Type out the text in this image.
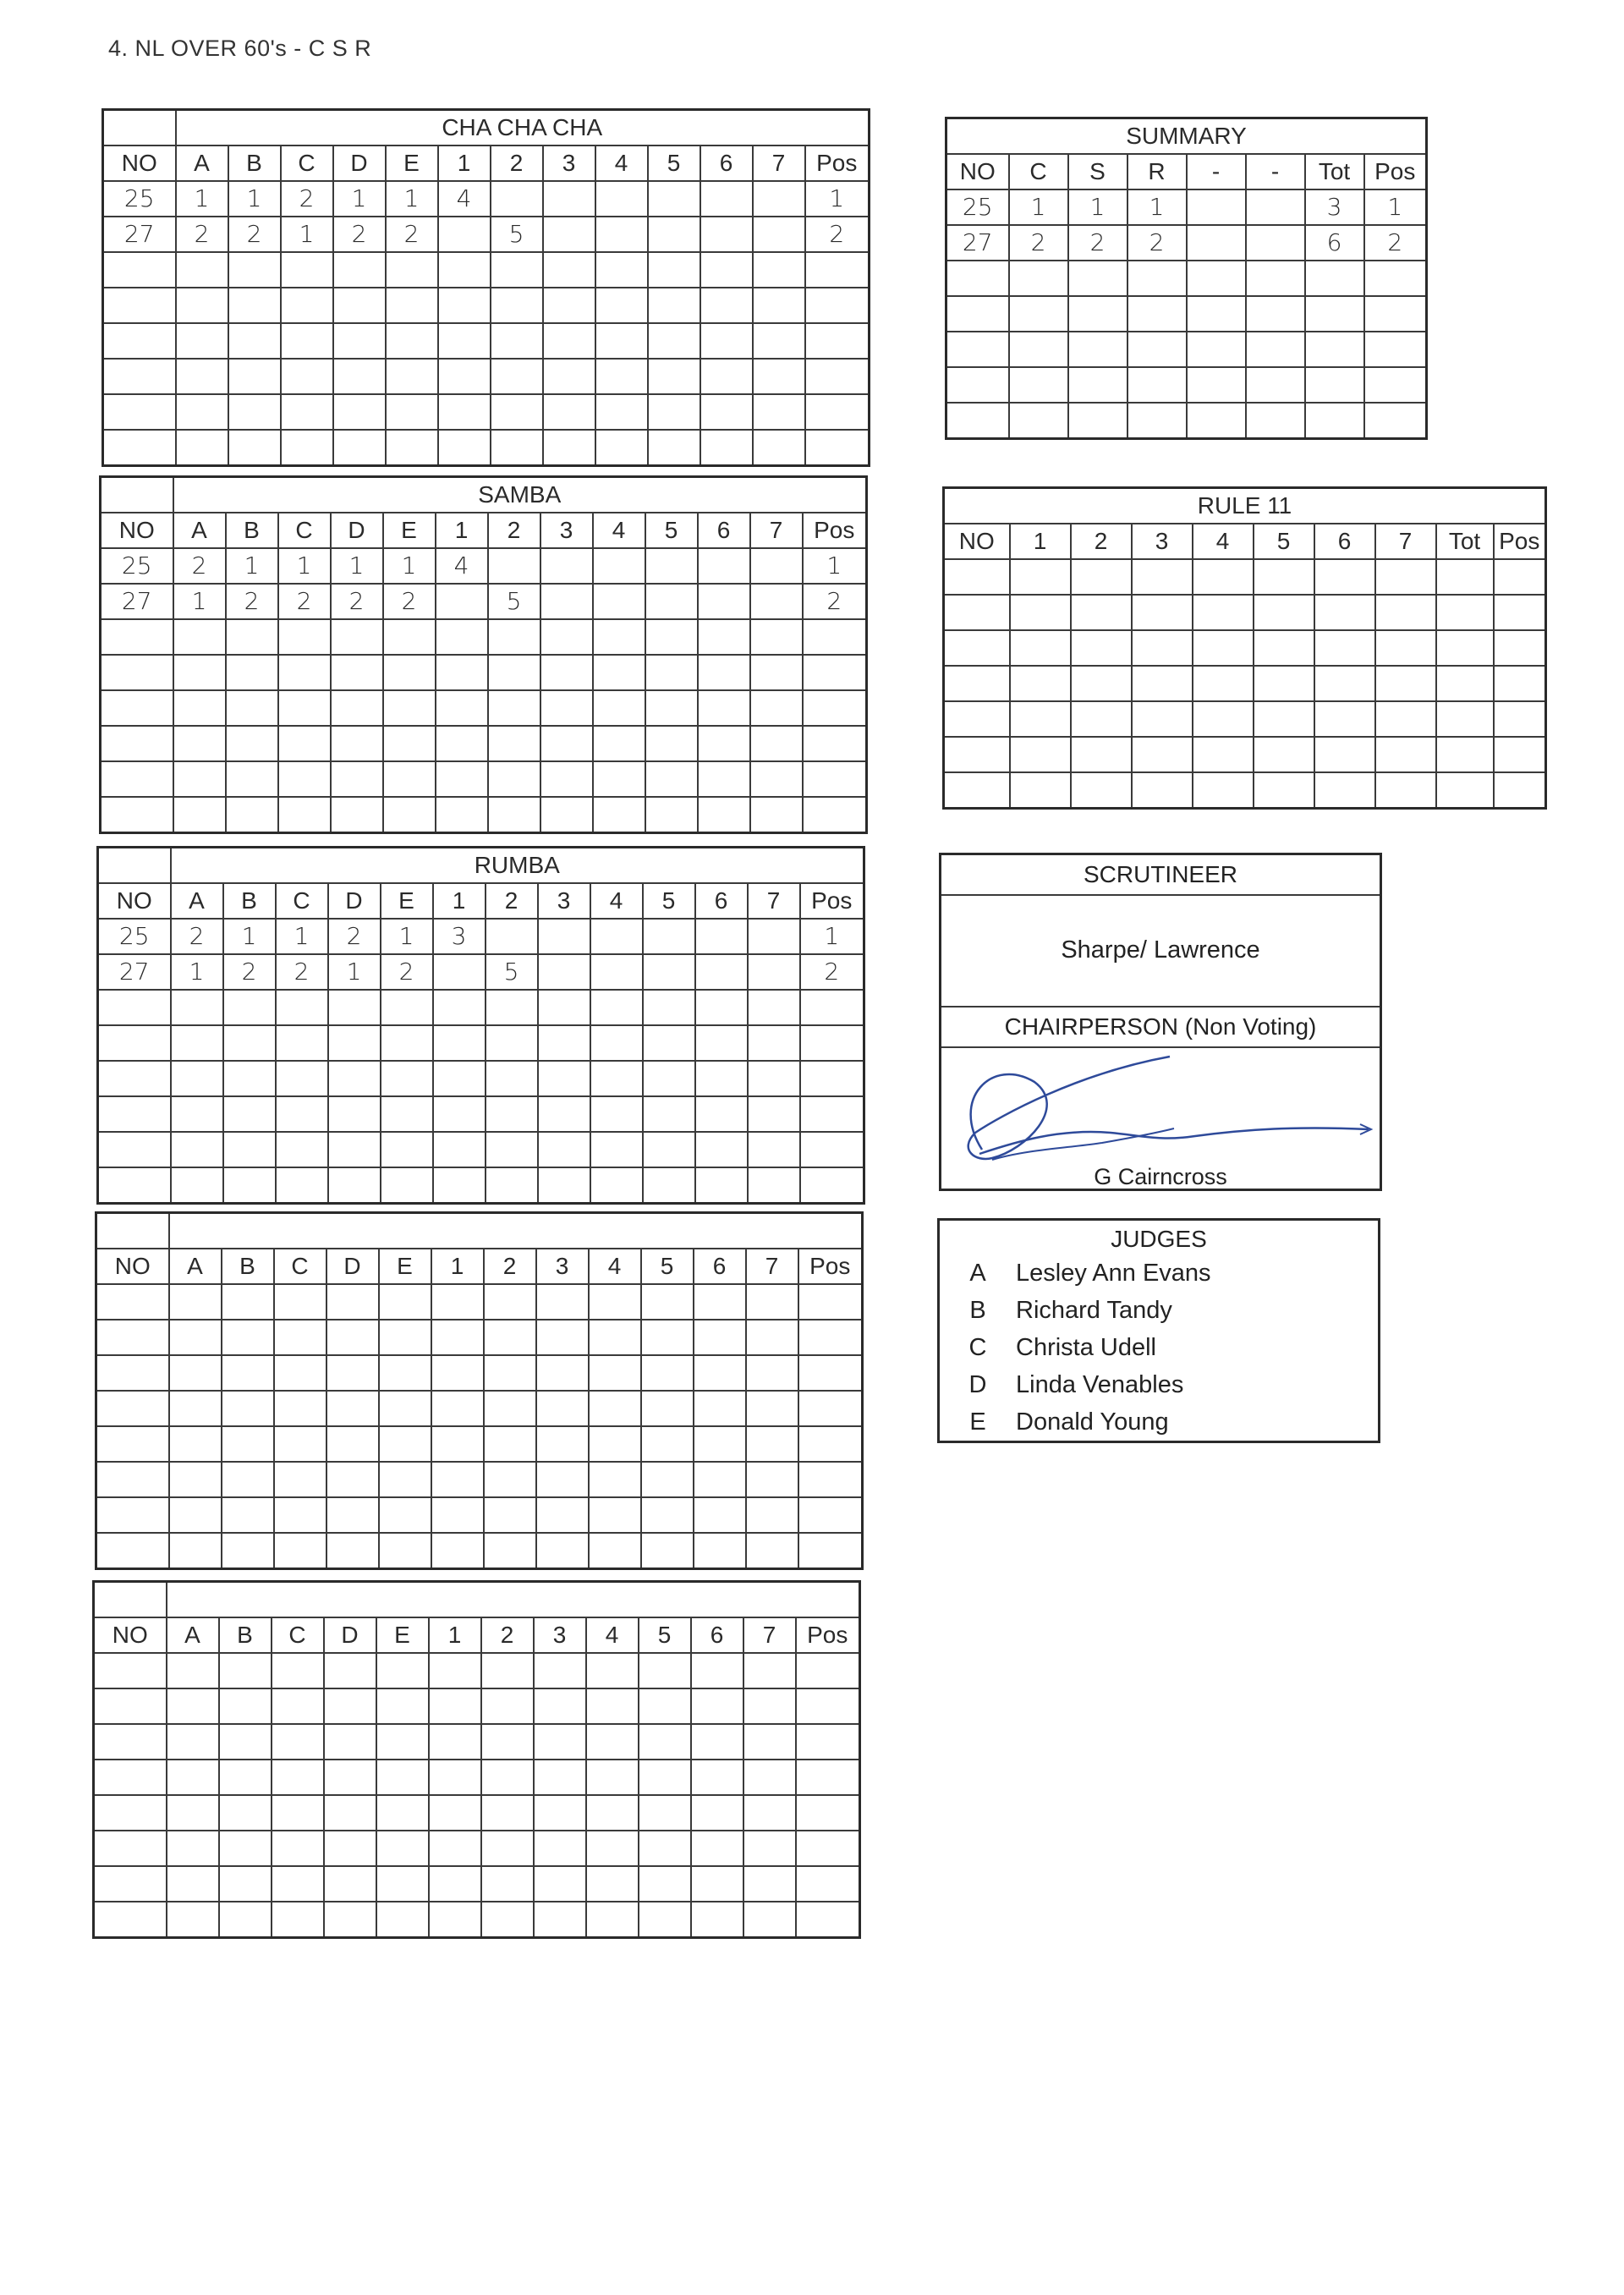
4. NL OVER 60's - C S R
	CHA CHA CHA												
NO	A	B	C	D	E	1	2	3	4	5	6	7	Pos
25	1	1	2	1	1	4							1
27	2	2	1	2	2		5						2

	SAMBA												
NO	A	B	C	D	E	1	2	3	4	5	6	7	Pos
25	2	1	1	1	1	4							1
27	1	2	2	2	2		5						2

	RUMBA												
NO	A	B	C	D	E	1	2	3	4	5	6	7	Pos
25	2	1	1	2	1	3							1
27	1	2	2	1	2		5						2

NO	A	B	C	D	E	1	2	3	4	5	6	7	Pos

NO	A	B	C	D	E	1	2	3	4	5	6	7	Pos

SUMMARY							
NO	C	S	R	-	-	Tot	Pos
25	1	1	1			3	1
27	2	2	2			6	2

RULE 11									
NO	1	2	3	4	5	6	7	Tot	Pos

SCRUTINEER
Sharpe/ Lawrence
CHAIRPERSON (Non Voting)
G Cairncross
JUDGES
A	Lesley Ann Evans
B	Richard Tandy
C	Christa Udell
D	Linda Venables
E	Donald Young
